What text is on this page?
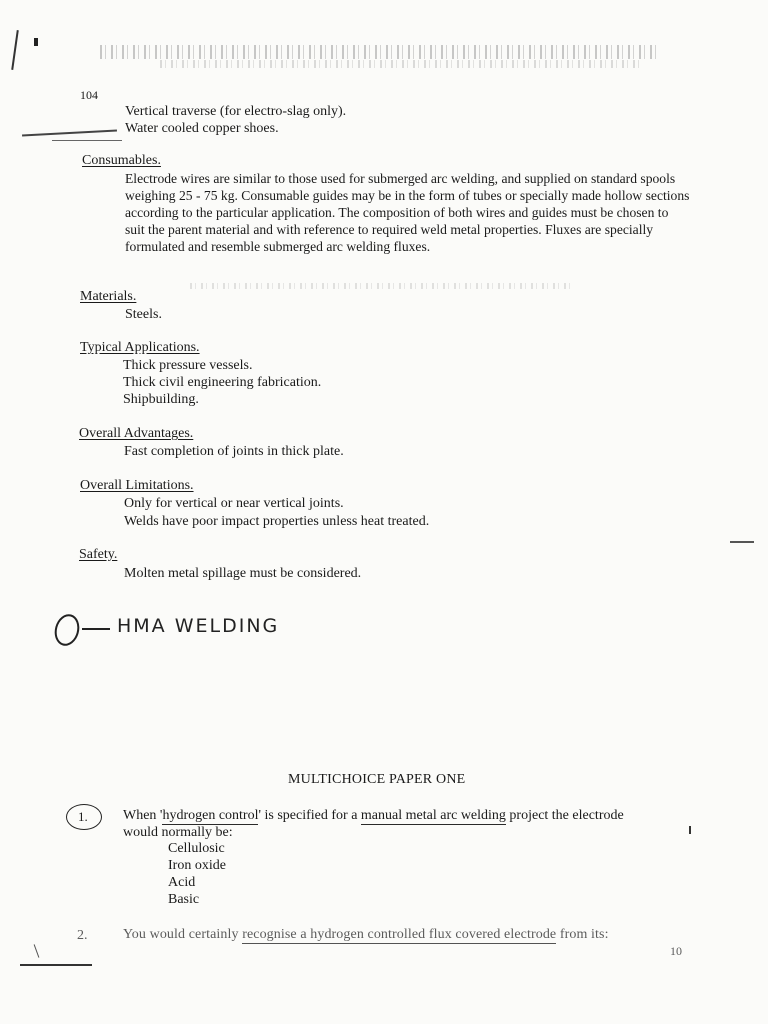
104
Vertical traverse (for electro-slag only).
Water cooled copper shoes.
Consumables.
Electrode wires are similar to those used for submerged arc welding, and supplied on standard spools weighing 25 - 75 kg. Consumable guides may be in the form of tubes or specially made hollow sections according to the particular application. The composition of both wires and guides must be chosen to suit the parent material and with reference to required weld metal properties. Fluxes are specially formulated and resemble submerged arc welding fluxes.
Materials.
Steels.
Typical Applications.
Thick pressure vessels.
Thick civil engineering fabrication.
Shipbuilding.
Overall Advantages.
Fast completion of joints in thick plate.
Overall Limitations.
Only for vertical or near vertical joints.
Welds have poor impact properties unless heat treated.
Safety.
Molten metal spillage must be considered.
HMA WELDING
MULTICHOICE PAPER ONE
1.	When 'hydrogen control' is specified for a manual metal arc welding project the electrode
would normally be:
Cellulosic
Iron oxide
Acid
Basic
2.	You would certainly recognise a hydrogen controlled flux covered electrode from its:
10
